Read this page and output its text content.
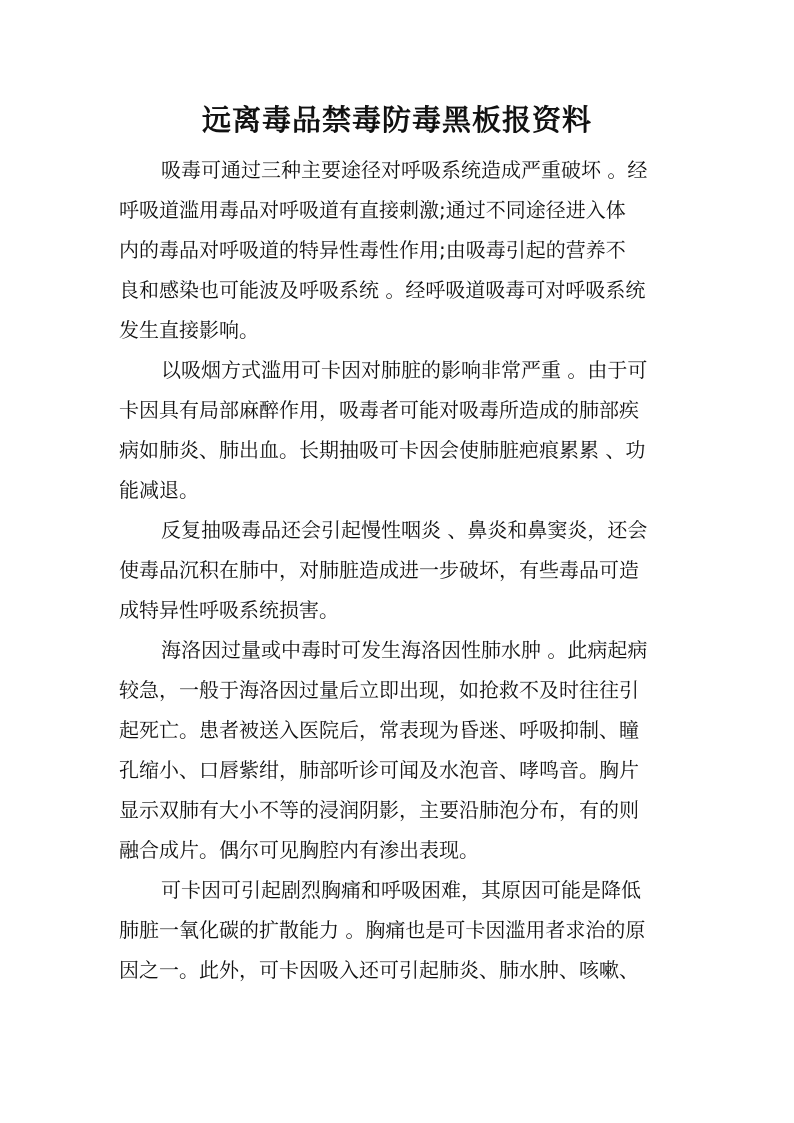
远离毒品禁毒防毒黑板报资料
吸毒可通过三种主要途径对呼吸系统造成严重破坏 。经
呼吸道滥用毒品对呼吸道有直接刺激;通过不同途径进入体
内的毒品对呼吸道的特异性毒性作用;由吸毒引起的营养不
良和感染也可能波及呼吸系统 。经呼吸道吸毒可对呼吸系统
发生直接影响。
以吸烟方式滥用可卡因对肺脏的影响非常严重 。由于可
卡因具有局部麻醉作用，吸毒者可能对吸毒所造成的肺部疾
病如肺炎、肺出血。长期抽吸可卡因会使肺脏疤痕累累 、功
能减退。
反复抽吸毒品还会引起慢性咽炎 、鼻炎和鼻窦炎，还会
使毒品沉积在肺中，对肺脏造成进一步破坏，有些毒品可造
成特异性呼吸系统损害。
海洛因过量或中毒时可发生海洛因性肺水肿 。此病起病
较急，一般于海洛因过量后立即出现，如抢救不及时往往引
起死亡。患者被送入医院后，常表现为昏迷、呼吸抑制、瞳
孔缩小、口唇紫绀，肺部听诊可闻及水泡音、哮鸣音。胸片
显示双肺有大小不等的浸润阴影，主要沿肺泡分布，有的则
融合成片。偶尔可见胸腔内有渗出表现。
可卡因可引起剧烈胸痛和呼吸困难，其原因可能是降低
肺脏一氧化碳的扩散能力 。胸痛也是可卡因滥用者求治的原
因之一。此外，可卡因吸入还可引起肺炎、肺水肿、咳嗽、
